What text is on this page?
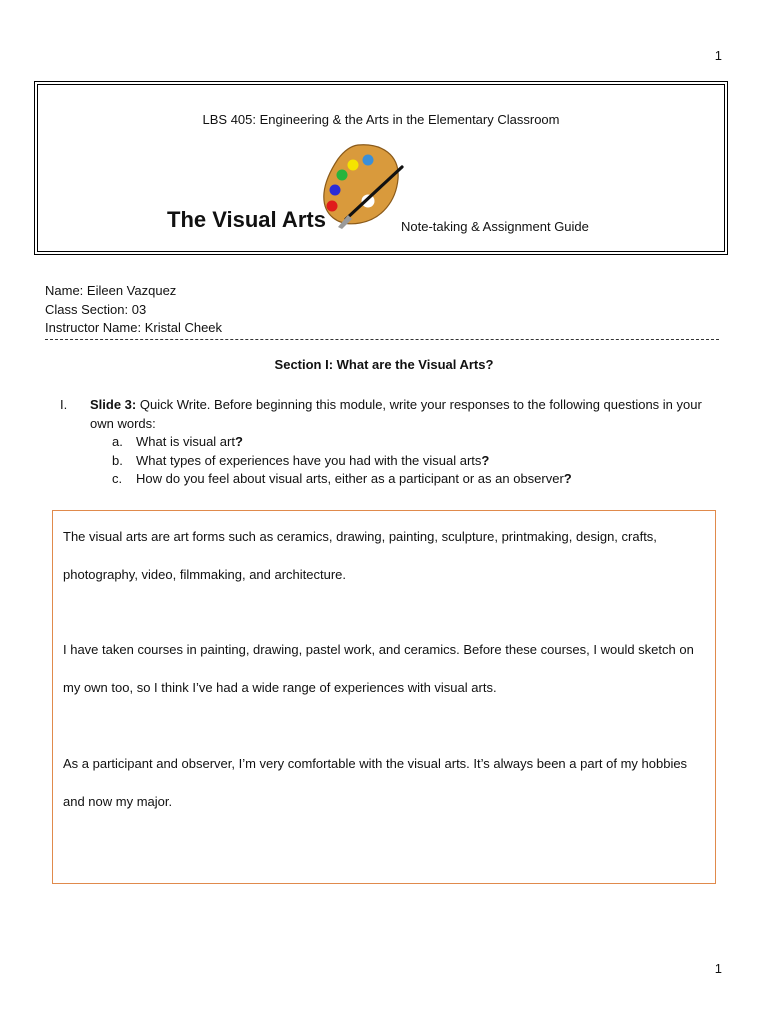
1
LBS 405: Engineering & the Arts in the Elementary Classroom
The Visual Arts	Note-taking & Assignment Guide
Name: Eileen Vazquez
Class Section: 03
Instructor Name: Kristal Cheek
Section I: What are the Visual Arts?
I. Slide 3: Quick Write. Before beginning this module, write your responses to the following questions in your own words:
a. What is visual art?
b. What types of experiences have you had with the visual arts?
c. How do you feel about visual arts, either as a participant or as an observer?

The visual arts are art forms such as ceramics, drawing, painting, sculpture, printmaking, design, crafts, photography, video, filmmaking, and architecture.

I have taken courses in painting, drawing, pastel work, and ceramics. Before these courses, I would sketch on my own too, so I think I’ve had a wide range of experiences with visual arts.

As a participant and observer, I’m very comfortable with the visual arts. It’s always been a part of my hobbies and now my major.

1
